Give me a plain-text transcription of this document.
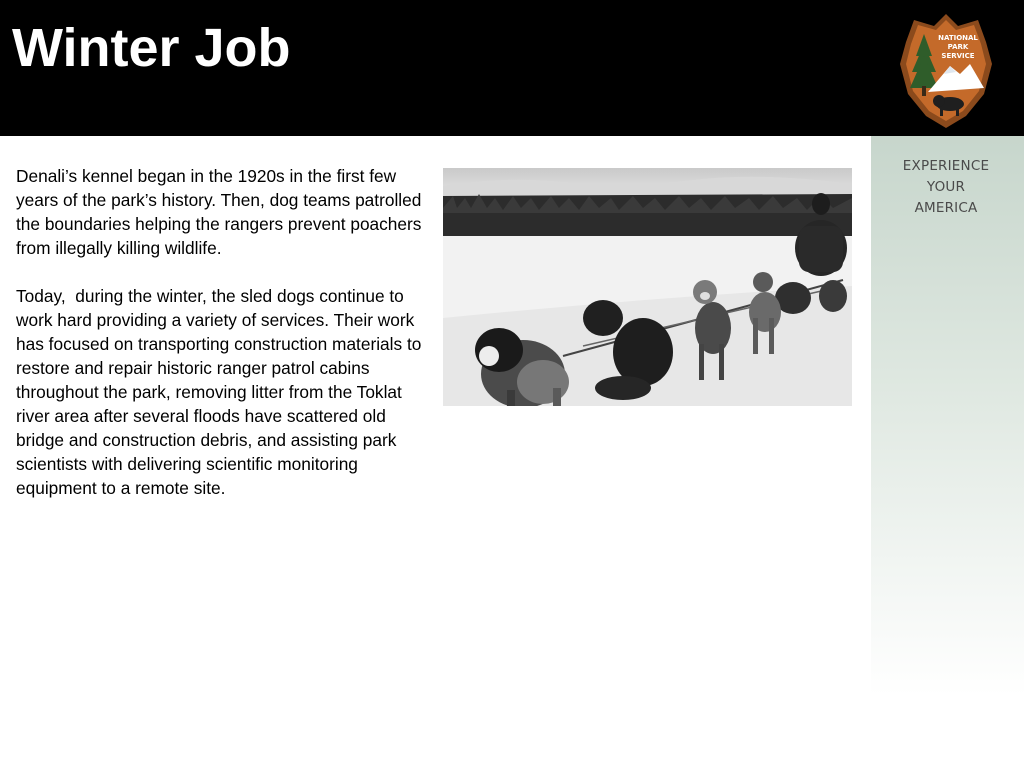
Winter Job	NATIONAL
PARK
SERVICE
EXPERIENCE
YOUR
AMERICA

Denali’s kennel began in the 1920s in the first few years of the park’s history. Then, dog teams patrolled the boundaries helping the rangers prevent poachers from illegally killing wildlife.

Today,  during the winter, the sled dogs continue to work hard providing a variety of services. Their work has focused on transporting construction materials to restore and repair historic ranger patrol cabins throughout the park, removing litter from the Toklat river area after several floods have scattered old bridge and construction debris, and assisting park scientists with delivering scientific monitoring equipment to a remote site.
